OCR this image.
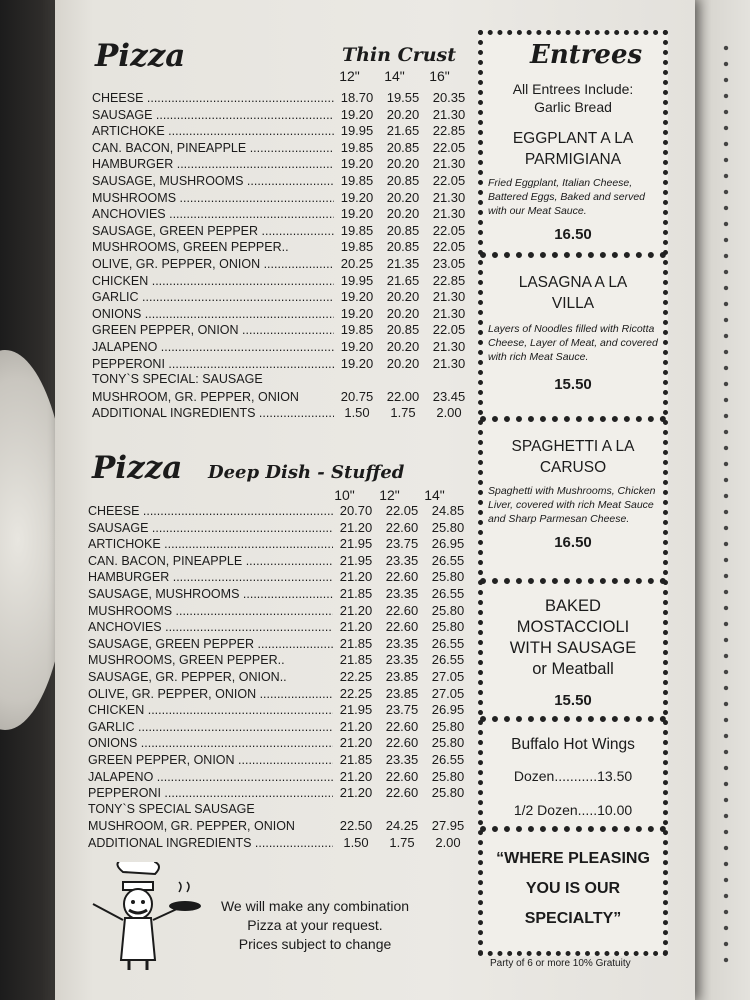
Pizza	Thin Crust
12"	14"	16"
CHEESE .....	18.70	19.55	20.35
SAUSAGE .....	19.20	20.20	21.30
ARTICHOKE .....	19.95	21.65	22.85
CAN. BACON, PINEAPPLE .....	19.85	20.85	22.05
HAMBURGER .....	19.20	20.20	21.30
SAUSAGE, MUSHROOMS .....	19.85	20.85	22.05
MUSHROOMS .....	19.20	20.20	21.30
ANCHOVIES .....	19.20	20.20	21.30
SAUSAGE, GREEN PEPPER .....	19.85	20.85	22.05
MUSHROOMS, GREEN PEPPER..	19.85	20.85	22.05
OLIVE, GR. PEPPER, ONION .....	20.25	21.35	23.05
CHICKEN .....	19.95	21.65	22.85
GARLIC .....	19.20	20.20	21.30
ONIONS .....	19.20	20.20	21.30
GREEN PEPPER, ONION .....	19.85	20.85	22.05
JALAPENO .....	19.20	20.20	21.30
PEPPERONI .....	19.20	20.20	21.30
TONY`S SPECIAL: SAUSAGE
MUSHROOM, GR. PEPPER, ONION	20.75	22.00	23.45
ADDITIONAL INGREDIENTS .....	1.50	1.75	2.00
Pizza Deep Dish - Stuffed
10"	12"	14"
CHEESE .....	20.70	22.05	24.85
SAUSAGE .....	21.20	22.60	25.80
ARTICHOKE .....	21.95	23.75	26.95
CAN. BACON, PINEAPPLE .....	21.95	23.35	26.55
HAMBURGER .....	21.20	22.60	25.80
SAUSAGE, MUSHROOMS .....	21.85	23.35	26.55
MUSHROOMS .....	21.20	22.60	25.80
ANCHOVIES .....	21.20	22.60	25.80
SAUSAGE, GREEN PEPPER .....	21.85	23.35	26.55
MUSHROOMS, GREEN PEPPER..	21.85	23.35	26.55
SAUSAGE, GR. PEPPER, ONION..	22.25	23.85	27.05
OLIVE, GR. PEPPER, ONION .....	22.25	23.85	27.05
CHICKEN .....	21.95	23.75	26.95
GARLIC .....	21.20	22.60	25.80
ONIONS .....	21.20	22.60	25.80
GREEN PEPPER, ONION .....	21.85	23.35	26.55
JALAPENO .....	21.20	22.60	25.80
PEPPERONI .....	21.20	22.60	25.80
TONY`S SPECIAL SAUSAGE
MUSHROOM, GR. PEPPER, ONION	22.50	24.25	27.95
ADDITIONAL INGREDIENTS .....	1.50	1.75	2.00
We will make any combination
Pizza at your request.
Prices subject to change
Entrees
All Entrees Include:
Garlic Bread
EGGPLANT A LA
PARMIGIANA
Fried Eggplant, Italian Cheese, Battered Eggs, Baked and served with our Meat Sauce.
16.50
LASAGNA A LA
VILLA
Layers of Noodles filled with Ricotta Cheese, Layer of Meat, and covered with rich Meat Sauce.
15.50
SPAGHETTI A LA
CARUSO
Spaghetti with Mushrooms, Chicken Liver, covered with rich Meat Sauce and Sharp Parmesan Cheese.
16.50
BAKED
MOSTACCIOLI
WITH SAUSAGE
or Meatball
15.50
Buffalo Hot Wings
Dozen ........... 13.50
1/2 Dozen ..... 10.00
“WHERE PLEASING
YOU IS OUR
SPECIALTY”
Party of 6 or more 10% Gratuity
